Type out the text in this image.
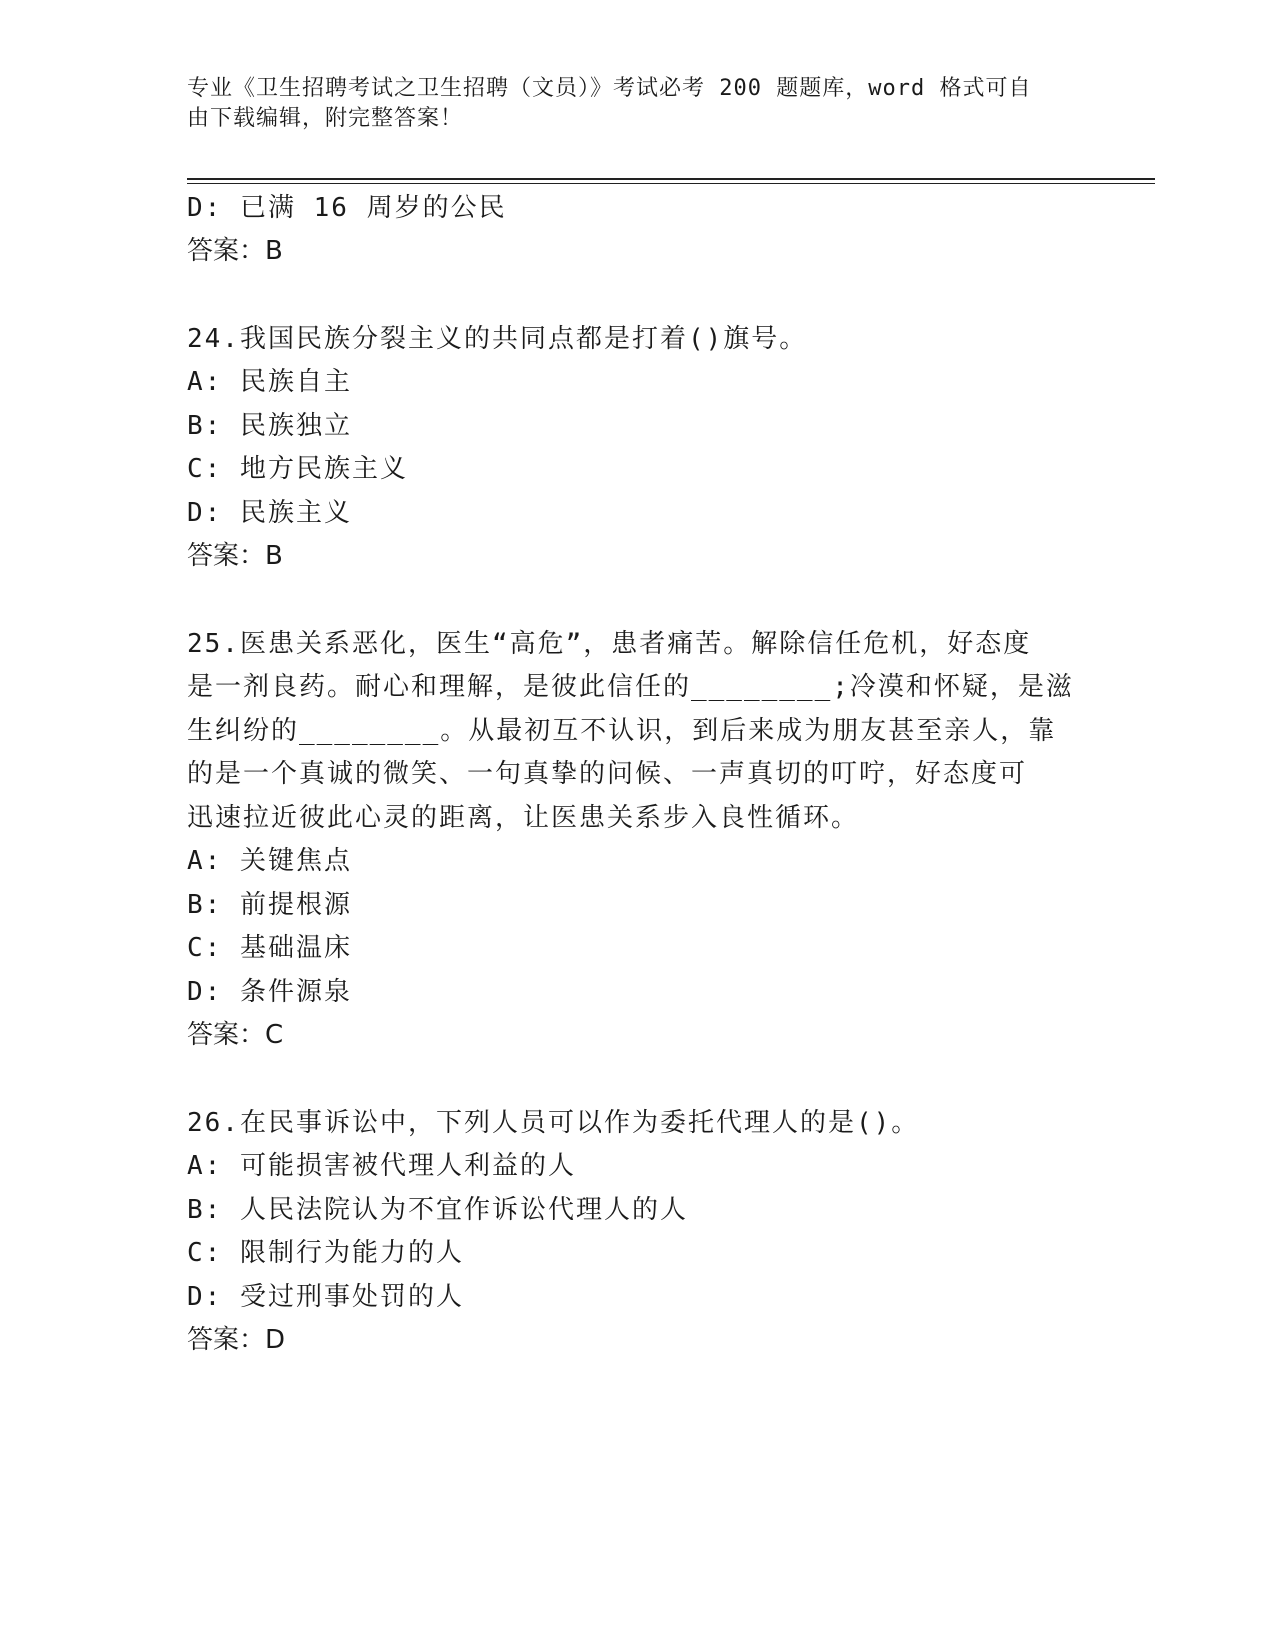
专业《卫生招聘考试之卫生招聘（文员）》考试必考 200 题题库，word 格式可自
由下载编辑，附完整答案！
D: 已满 16 周岁的公民
答案：B
24.我国民族分裂主义的共同点都是打着()旗号。
A: 民族自主
B: 民族独立
C: 地方民族主义
D: 民族主义
答案：B
25.医患关系恶化，医生“高危”，患者痛苦。解除信任危机，好态度
是一剂良药。耐心和理解，是彼此信任的________;冷漠和怀疑，是滋
生纠纷的________。从最初互不认识，到后来成为朋友甚至亲人，靠
的是一个真诚的微笑、一句真挚的问候、一声真切的叮咛，好态度可
迅速拉近彼此心灵的距离，让医患关系步入良性循环。
A: 关键焦点
B: 前提根源
C: 基础温床
D: 条件源泉
答案：C
26.在民事诉讼中，下列人员可以作为委托代理人的是()。
A: 可能损害被代理人利益的人
B: 人民法院认为不宜作诉讼代理人的人
C: 限制行为能力的人
D: 受过刑事处罚的人
答案：D
